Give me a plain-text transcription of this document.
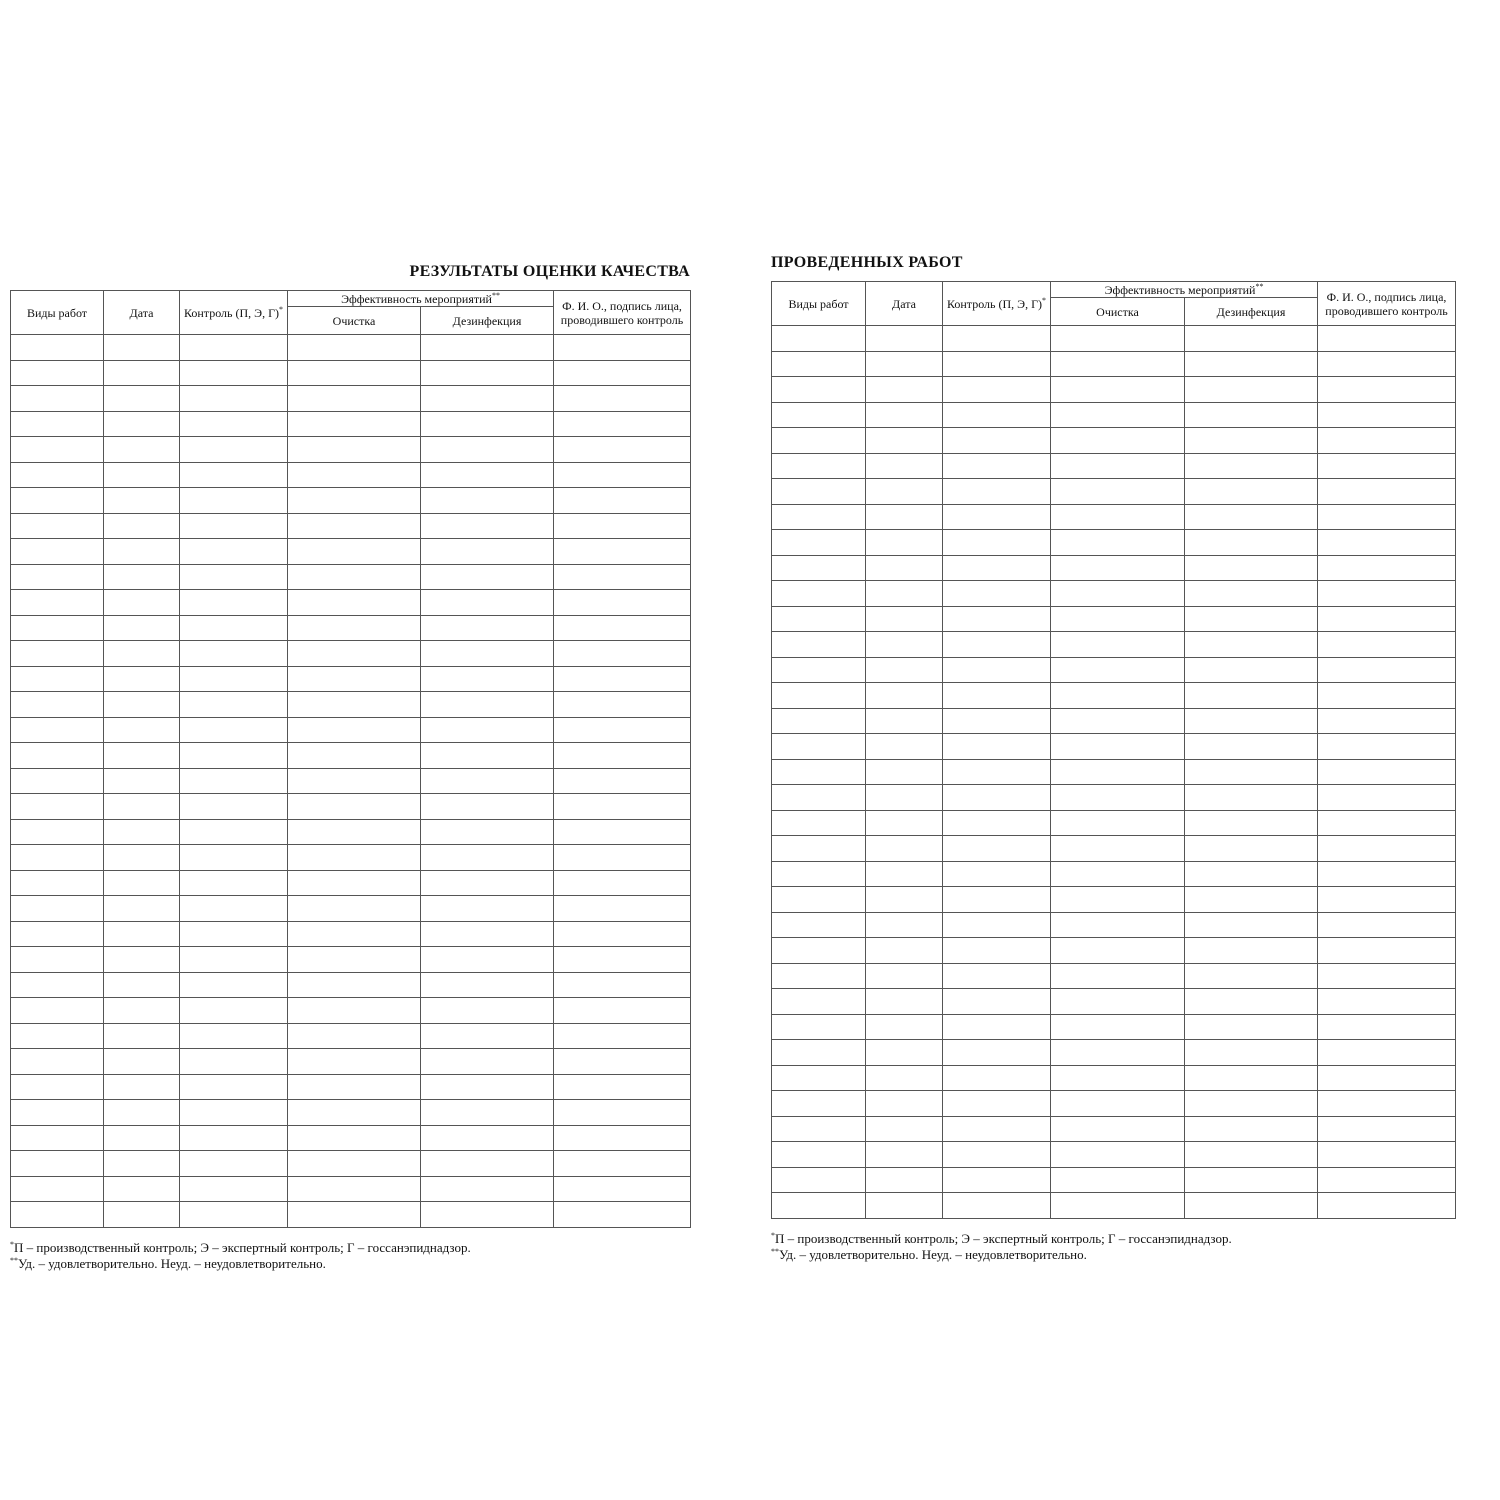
РЕЗУЛЬТАТЫ ОЦЕНКИ КАЧЕСТВА
Виды работ	Дата	Контроль (П, Э, Г)*	Эффективность мероприятий**		Ф. И. О., подпись лица, проводившего контроль
			Очистка	Дезинфекция	

*П – производственный контроль; Э – экспертный контроль; Г – госсанэпиднадзор.
**Уд. – удовлетворительно. Неуд. – неудовлетворительно.
ПРОВЕДЕННЫХ РАБОТ
Виды работ	Дата	Контроль (П, Э, Г)*	Эффективность мероприятий**		Ф. И. О., подпись лица, проводившего контроль
			Очистка	Дезинфекция	

*П – производственный контроль; Э – экспертный контроль; Г – госсанэпиднадзор.
**Уд. – удовлетворительно. Неуд. – неудовлетворительно.
